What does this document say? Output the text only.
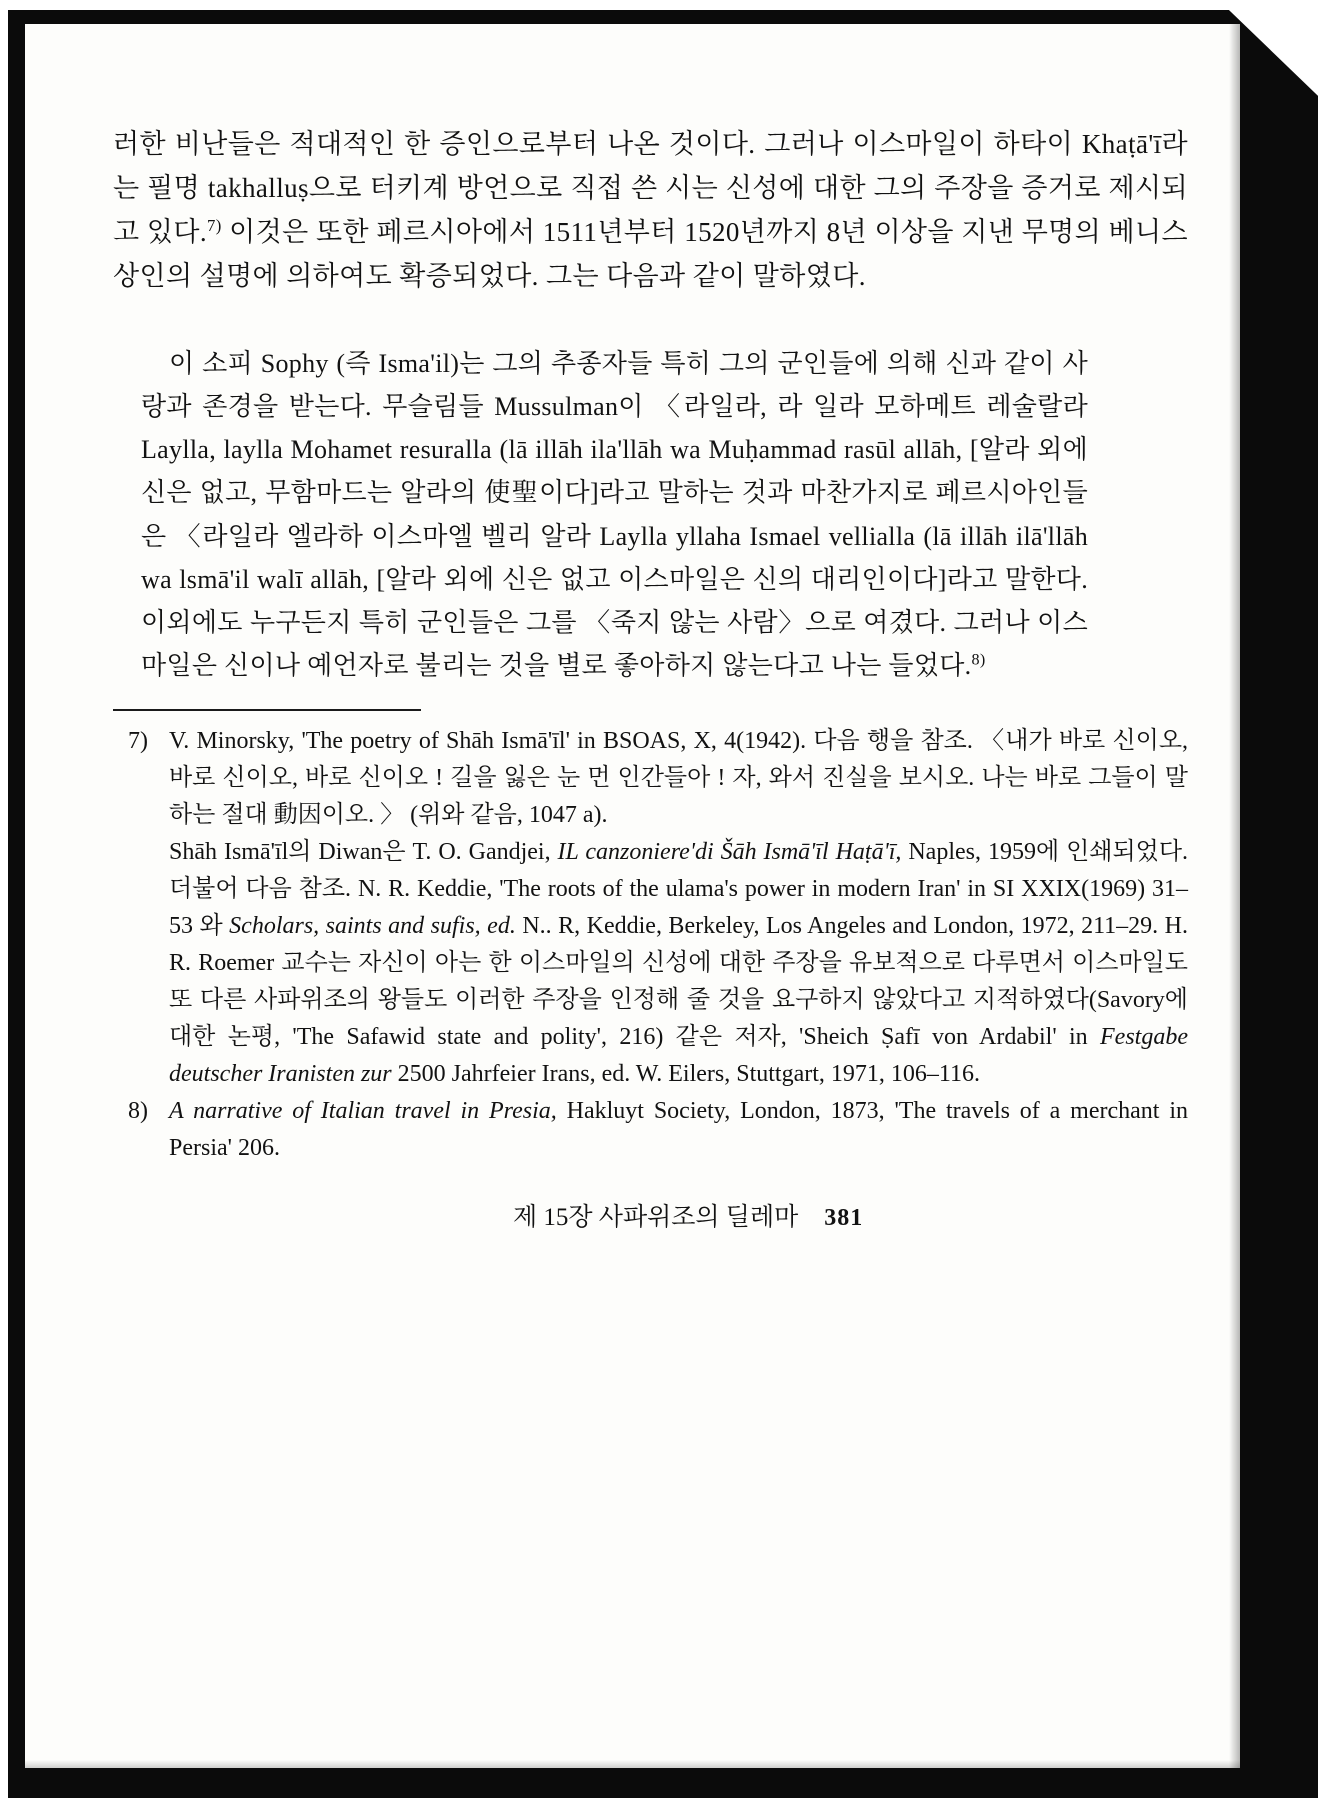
러한 비난들은 적대적인 한 증인으로부터 나온 것이다. 그러나 이스마일이 하타이 Khaṭā'ī라는 필명 takhalluṣ으로 터키계 방언으로 직접 쓴 시는 신성에 대한 그의 주장을 증거로 제시되고 있다.$^{7)}$ 이것은 또한 페르시아에서 1511년부터 1520년까지 8년 이상을 지낸 무명의 베니스 상인의 설명에 의하여도 확증되었다. 그는 다음과 같이 말하였다.

이 소피 Sophy (즉 Isma'il)는 그의 추종자들 특히 그의 군인들에 의해 신과 같이 사랑과 존경을 받는다. 무슬림들 Mussulman이 〈라일라, 라 일라 모하메트 레술랄라 Laylla, laylla Mohamet resuralla (lā illāh ila'llāh wa Muḥammad rasūl allāh, [알라 외에 신은 없고, 무함마드는 알라의 使聖이다]라고 말하는 것과 마찬가지로 페르시아인들은 〈라일라 엘라하 이스마엘 벨리 알라 Laylla yllaha Ismael vellialla (lā illāh ilā'llāh wa lsmā'il walī allāh, [알라 외에 신은 없고 이스마일은 신의 대리인이다]라고 말한다. 이외에도 누구든지 특히 군인들은 그를 〈죽지 않는 사람〉으로 여겼다. 그러나 이스마일은 신이나 예언자로 불리는 것을 별로 좋아하지 않는다고 나는 들었다.$^{8)}$
7) V. Minorsky, 'The poetry of Shāh Ismā'īl' in BSOAS, X, 4(1942). 다음 행을 참조. 〈내가 바로 신이오, 바로 신이오, 바로 신이오 ! 길을 잃은 눈 먼 인간들아 ! 자, 와서 진실을 보시오. 나는 바로 그들이 말하는 절대 動因이오. 〉 (위와 같음, 1047 a).

Shāh Ismā'īl의 Diwan은 T. O. Gandjei, IL canzoniere'di Šāh Ismā'īl Haṭā'ī, Naples, 1959에 인쇄되었다. 더불어 다음 참조. N. R. Keddie, 'The roots of the ulama's power in modern Iran' in SI XXIX(1969) 31–53 와 Scholars, saints and sufis, ed. N.. R, Keddie, Berkeley, Los Angeles and London, 1972, 211–29. H. R. Roemer 교수는 자신이 아는 한 이스마일의 신성에 대한 주장을 유보적으로 다루면서 이스마일도 또 다른 사파위조의 왕들도 이러한 주장을 인정해 줄 것을 요구하지 않았다고 지적하였다(Savory에 대한 논평, 'The Safawid state and polity', 216) 같은 저자, 'Sheich Ṣafī von Ardabil' in Festgabe deutscher Iranisten zur 2500 Jahrfeier Irans, ed. W. Eilers, Stuttgart, 1971, 106–116.

8) A narrative of Italian travel in Presia, Hakluyt Society, London, 1873, 'The travels of a merchant in Persia' 206.

제 15장 사파위조의 딜레마 381
